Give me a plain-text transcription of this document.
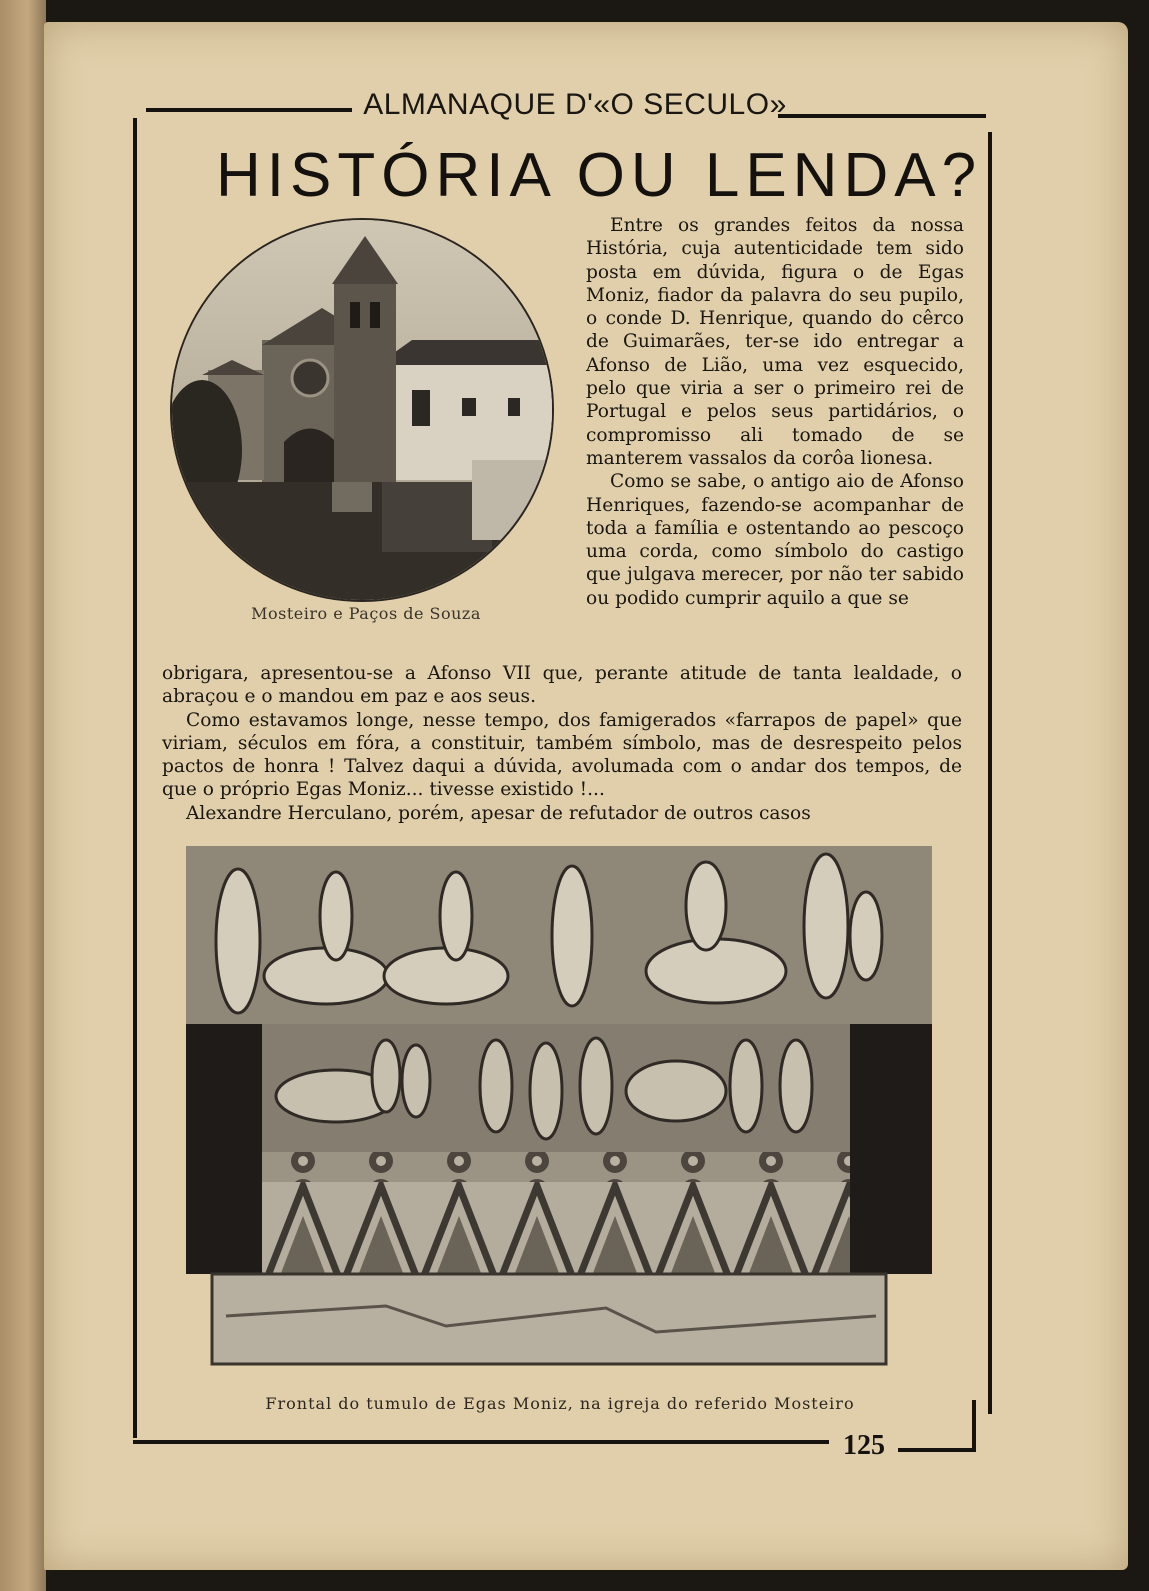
ALMANAQUE D'«O SECULO»
HISTÓRIA OU LENDA?
Mosteiro e Paços de Souza

Entre os grandes feitos da nossa História, cuja autenticidade tem sido posta em dúvida, figura o de Egas Moniz, fiador da palavra do seu pupilo, o conde D. Henrique, quando do cêrco de Guimarães, ter-se ido entregar a Afonso de Lião, uma vez esquecido, pelo que viria a ser o primeiro rei de Portugal e pelos seus partidários, o compromisso ali tomado de se manterem vassalos da corôa lionesa.

Como se sabe, o antigo aio de Afonso Henriques, fazendo-se acompanhar de toda a família e ostentando ao pescoço uma corda, como símbolo do castigo que julgava merecer, por não ter sabido ou podido cumprir aquilo a que se

obrigara, apresentou-se a Afonso VII que, perante atitude de tanta lealdade, o abraçou e o mandou em paz e aos seus.

Como estavamos longe, nesse tempo, dos famigerados «farrapos de papel» que viriam, séculos em fóra, a constituir, também símbolo, mas de desrespeito pelos pactos de honra ! Talvez daqui a dúvida, avolumada com o andar dos tempos, de que o próprio Egas Moniz... tivesse existido !...

Alexandre Herculano, porém, apesar de refutador de outros casos

Frontal do tumulo de Egas Moniz, na igreja do referido Mosteiro
125
